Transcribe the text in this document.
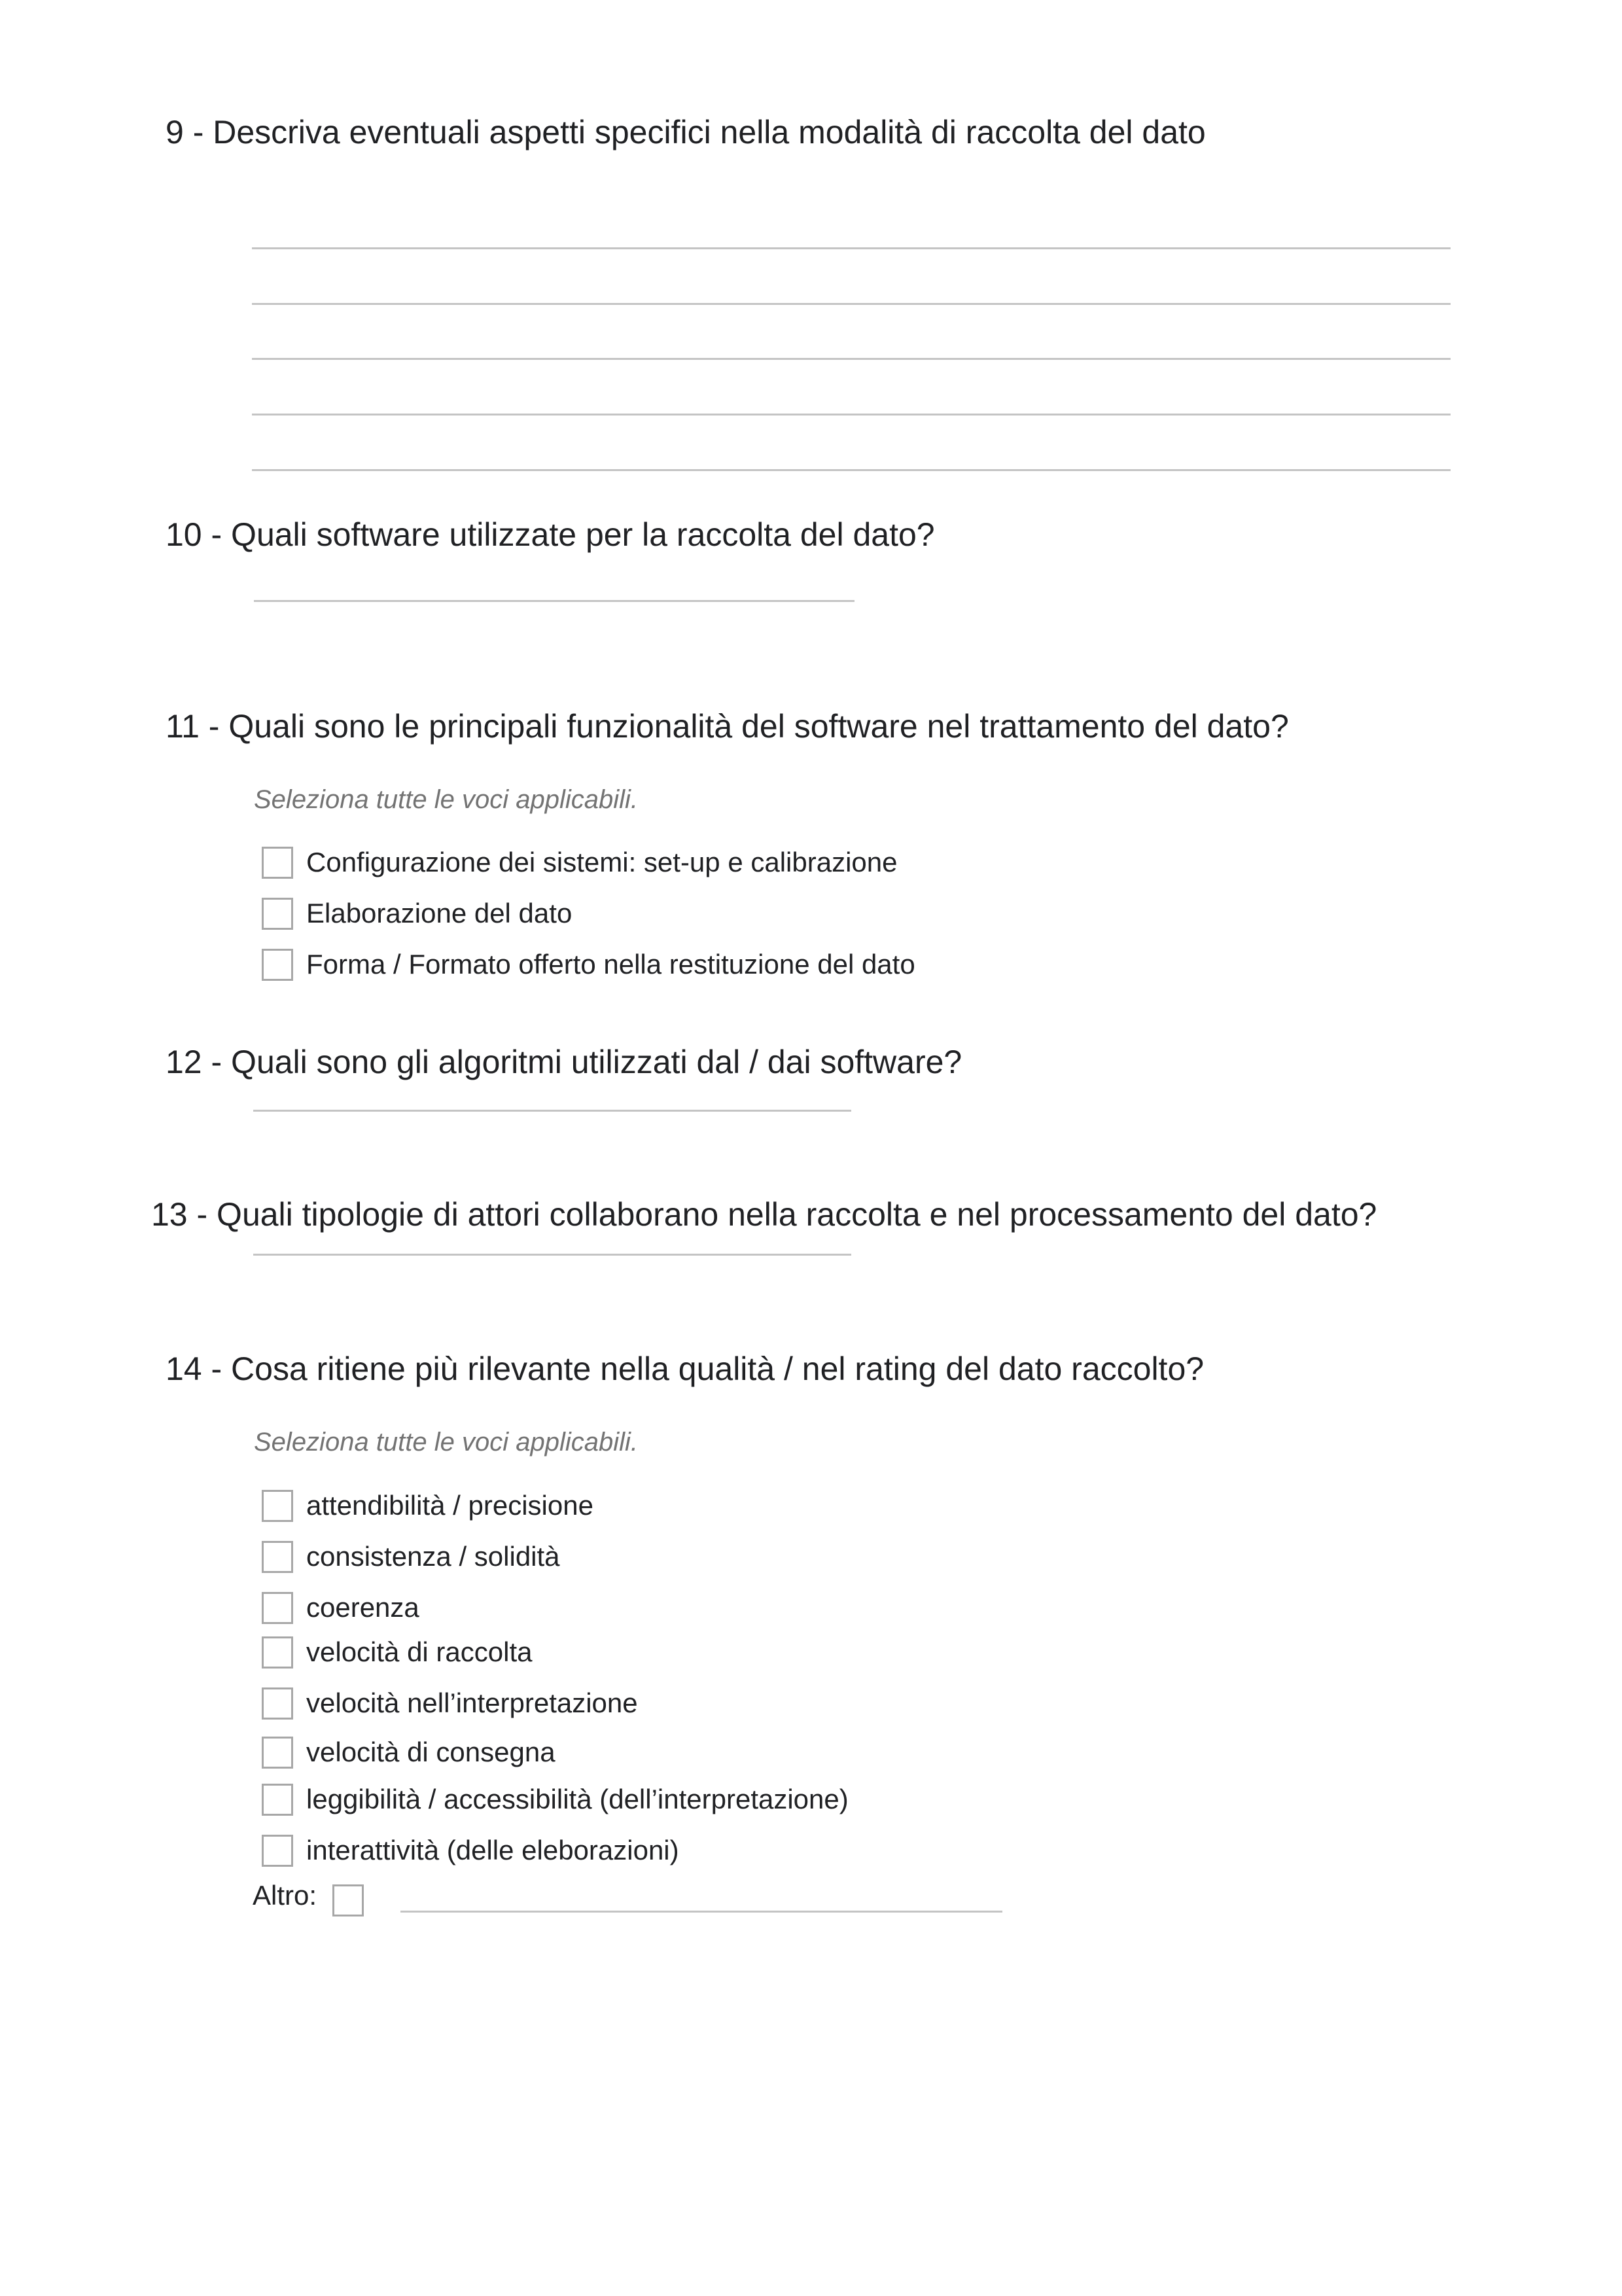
9 - Descriva eventuali aspetti specifici nella modalità di raccolta del dato
10 - Quali software utilizzate per la raccolta del dato?
11 - Quali sono le principali funzionalità del software nel trattamento del dato?
Seleziona tutte le voci applicabili.
Configurazione dei sistemi: set-up e calibrazione
Elaborazione del dato
Forma / Formato offerto nella restituzione del dato
12 - Quali sono gli algoritmi utilizzati dal / dai software?
13 - Quali tipologie di attori collaborano nella raccolta e nel processamento del dato?
14 - Cosa ritiene più rilevante nella qualità / nel rating del dato raccolto?
Seleziona tutte le voci applicabili.
attendibilità / precisione
consistenza / solidità
coerenza
velocità di raccolta
velocità nell’interpretazione
velocità di consegna
leggibilità / accessibilità (dell’interpretazione)
interattività (delle eleborazioni)
Altro:
